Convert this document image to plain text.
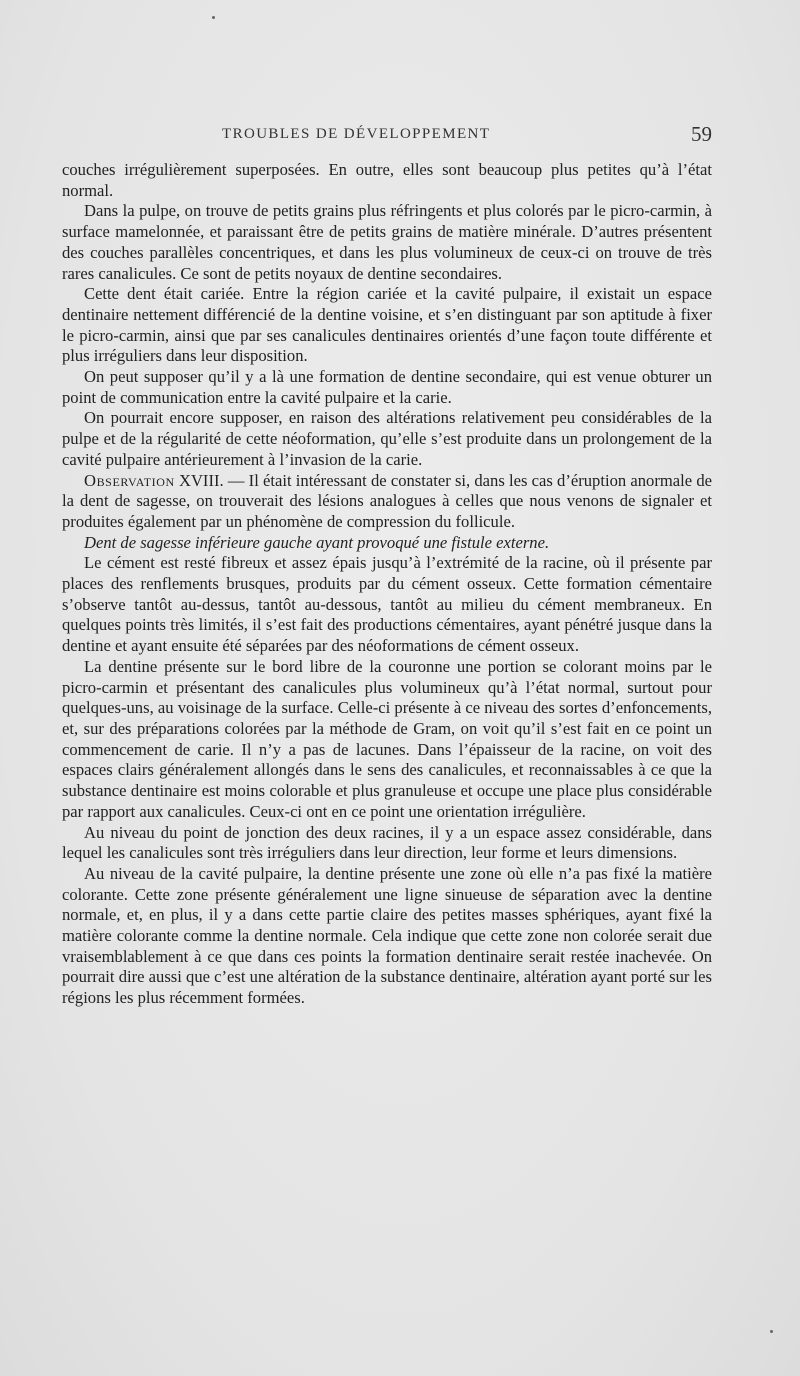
TROUBLES DE DÉVELOPPEMENT	59

couches irrégulièrement superposées. En outre, elles sont beaucoup plus petites qu’à l’état normal.

Dans la pulpe, on trouve de petits grains plus réfringents et plus colorés par le picro-carmin, à surface mamelonnée, et paraissant être de petits grains de matière minérale. D’autres présentent des couches parallèles concentriques, et dans les plus volumineux de ceux-ci on trouve de très rares canalicules. Ce sont de petits noyaux de dentine secondaires.

Cette dent était cariée. Entre la région cariée et la cavité pulpaire, il existait un espace dentinaire nettement différencié de la dentine voisine, et s’en distinguant par son aptitude à fixer le picro-carmin, ainsi que par ses canalicules dentinaires orientés d’une façon toute différente et plus irréguliers dans leur disposition.

On peut supposer qu’il y a là une formation de dentine secondaire, qui est venue obturer un point de communication entre la cavité pulpaire et la carie.

On pourrait encore supposer, en raison des altérations relativement peu considérables de la pulpe et de la régularité de cette néoformation, qu’elle s’est produite dans un prolongement de la cavité pulpaire antérieurement à l’invasion de la carie.

Observation XVIII. — Il était intéressant de constater si, dans les cas d’éruption anormale de la dent de sagesse, on trouverait des lésions analogues à celles que nous venons de signaler et produites également par un phénomène de compression du follicule.

Dent de sagesse inférieure gauche ayant provoqué une fistule externe.

Le cément est resté fibreux et assez épais jusqu’à l’extrémité de la racine, où il présente par places des renflements brusques, produits par du cément osseux. Cette formation cémentaire s’observe tantôt au-dessus, tantôt au-dessous, tantôt au milieu du cément membraneux. En quelques points très limités, il s’est fait des productions cémentaires, ayant pénétré jusque dans la dentine et ayant ensuite été séparées par des néoformations de cément osseux.

La dentine présente sur le bord libre de la couronne une portion se colorant moins par le picro-carmin et présentant des canalicules plus volumineux qu’à l’état normal, surtout pour quelques-uns, au voisinage de la surface. Celle-ci présente à ce niveau des sortes d’enfoncements, et, sur des préparations colorées par la méthode de Gram, on voit qu’il s’est fait en ce point un commencement de carie. Il n’y a pas de lacunes. Dans l’épaisseur de la racine, on voit des espaces clairs généralement allongés dans le sens des canalicules, et reconnaissables à ce que la substance dentinaire est moins colorable et plus granuleuse et occupe une place plus considérable par rapport aux canalicules. Ceux-ci ont en ce point une orientation irrégulière.

Au niveau du point de jonction des deux racines, il y a un espace assez considérable, dans lequel les canalicules sont très irréguliers dans leur direction, leur forme et leurs dimensions.

Au niveau de la cavité pulpaire, la dentine présente une zone où elle n’a pas fixé la matière colorante. Cette zone présente généralement une ligne sinueuse de séparation avec la dentine normale, et, en plus, il y a dans cette partie claire des petites masses sphériques, ayant fixé la matière colorante comme la dentine normale. Cela indique que cette zone non colorée serait due vraisemblablement à ce que dans ces points la formation dentinaire serait restée inachevée. On pourrait dire aussi que c’est une altération de la substance dentinaire, altération ayant porté sur les régions les plus récemment formées.
